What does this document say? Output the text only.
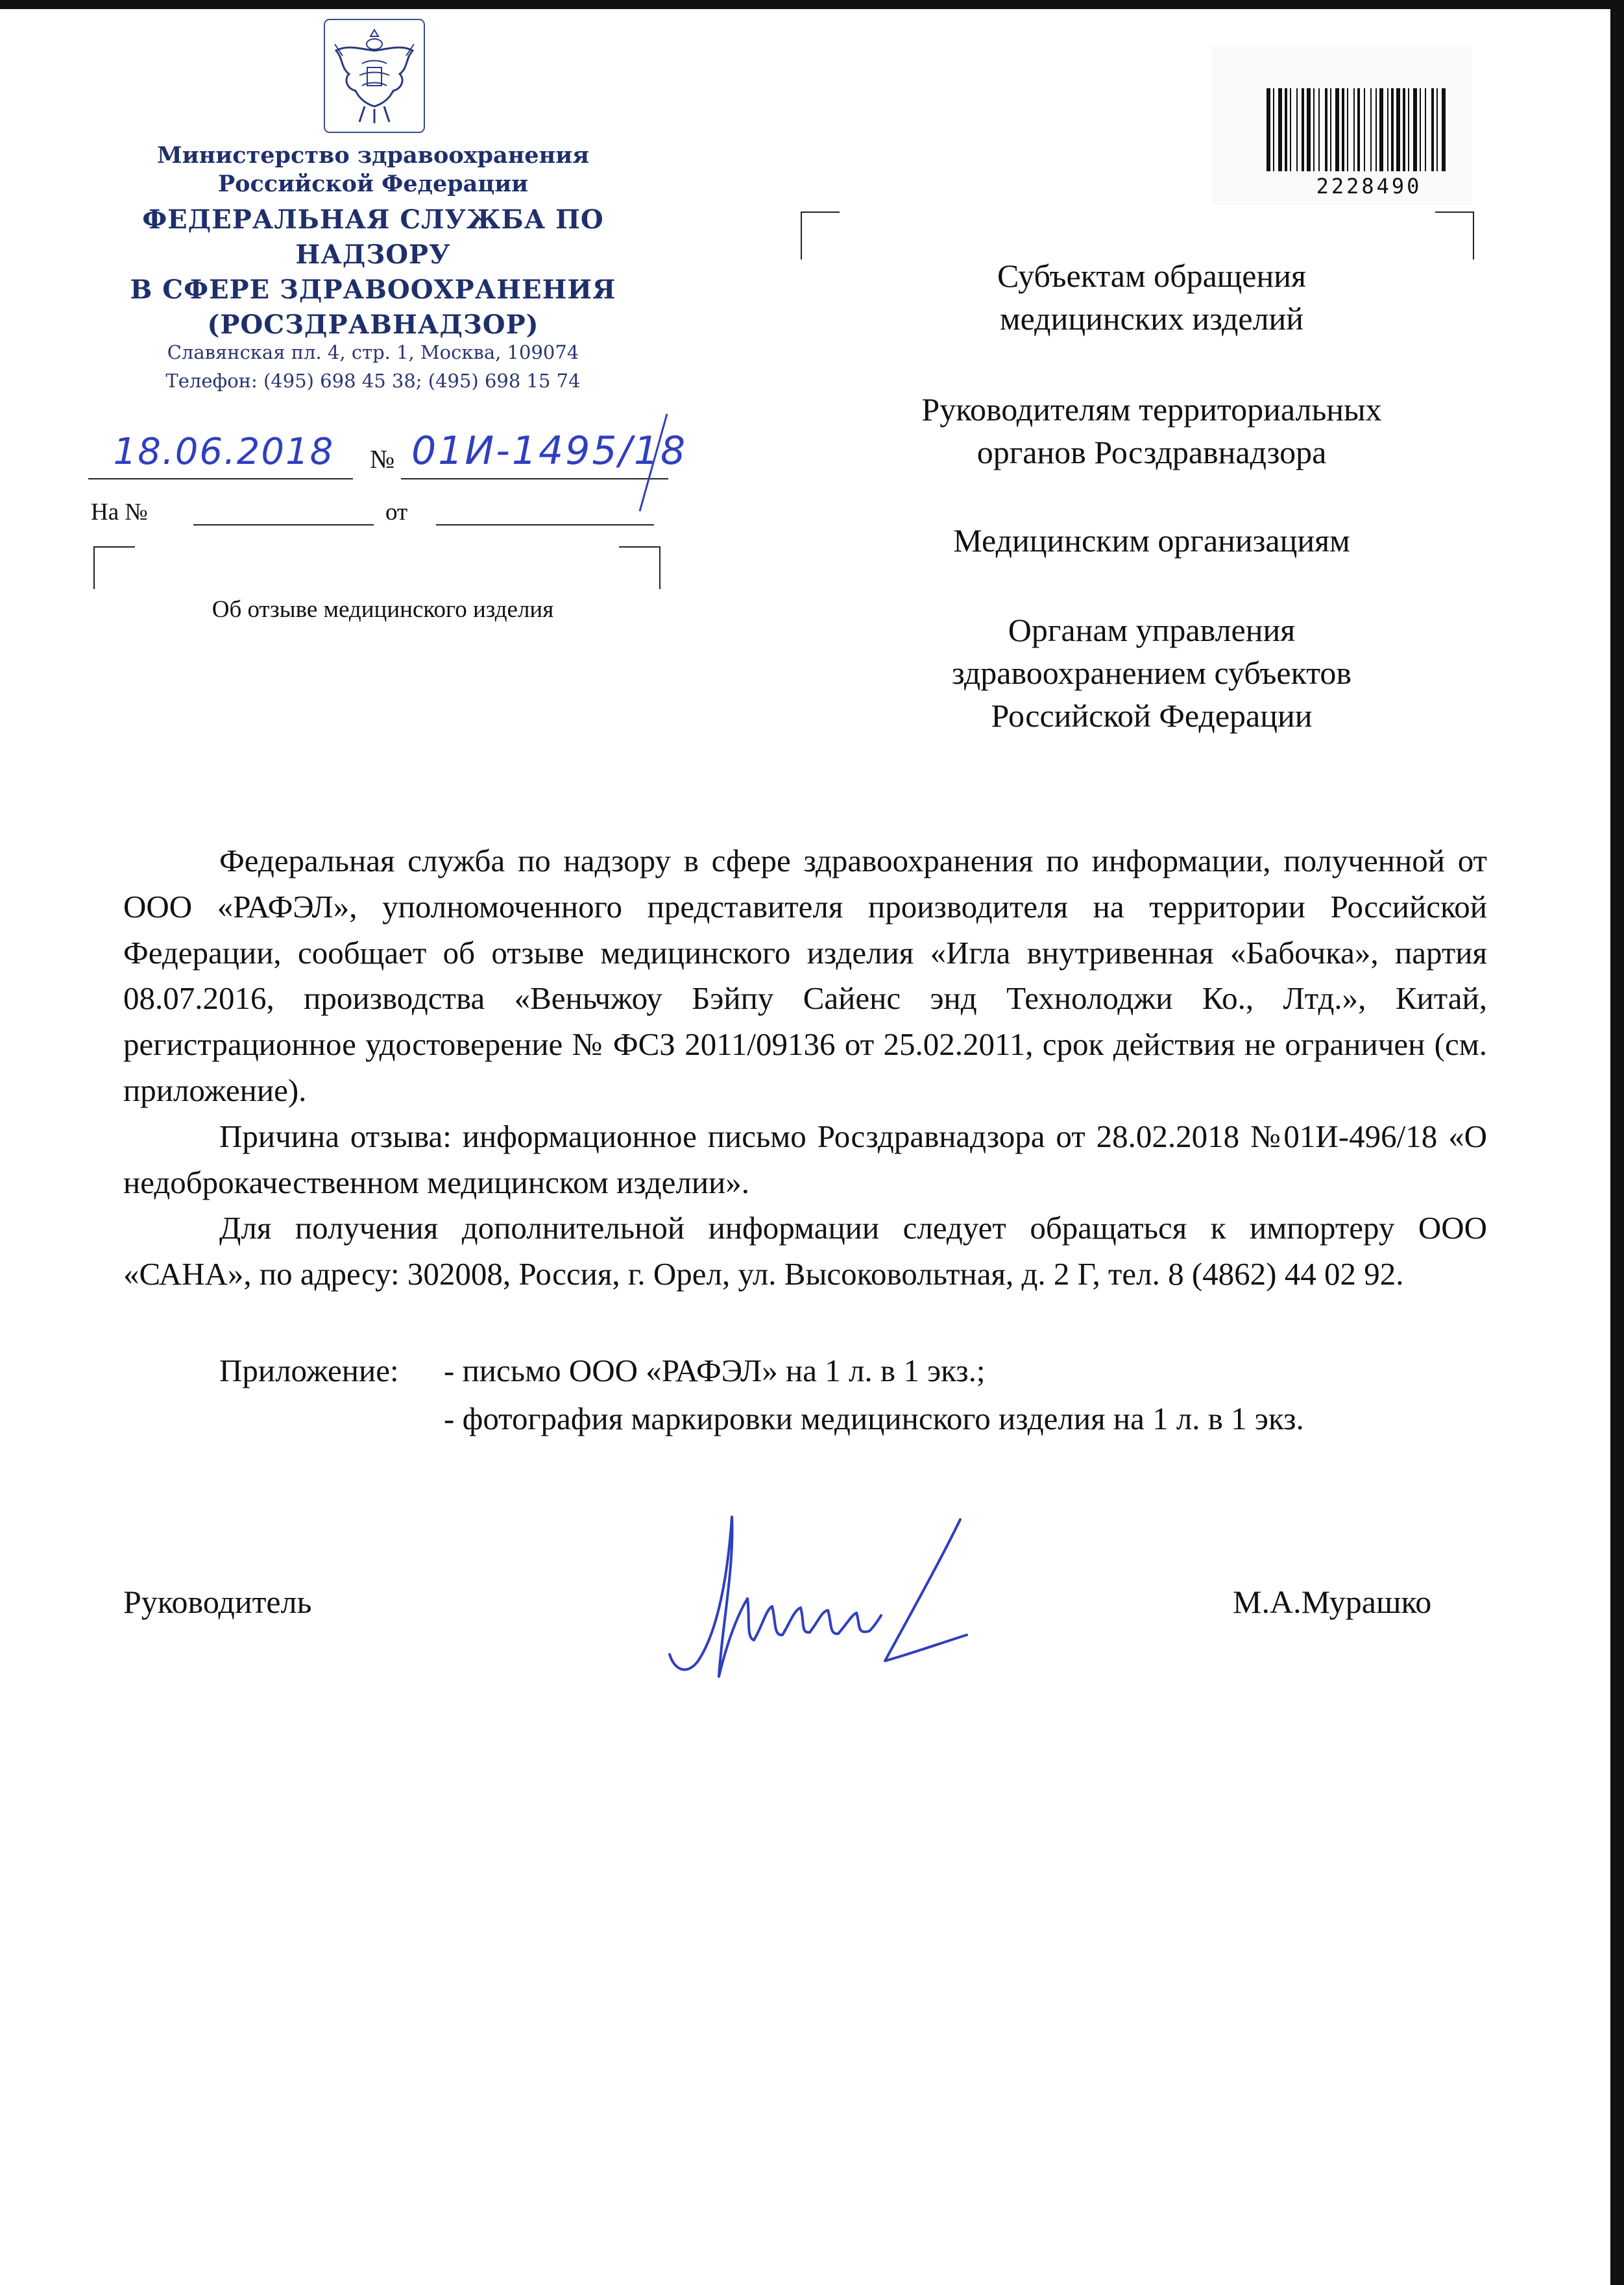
Министерство здравоохранения
Российской Федерации
ФЕДЕРАЛЬНАЯ СЛУЖБА ПО НАДЗОРУ
В СФЕРЕ ЗДРАВООХРАНЕНИЯ
(РОСЗДРАВНАДЗОР)
Славянская пл. 4, стр. 1, Москва, 109074
Телефон: (495) 698 45 38; (495) 698 15 74
18.06.2018	№ 01И-1495/18
На №	от
Об отзыве медицинского изделия
2228490
Субъектам обращения
медицинских изделий
Руководителям территориальных
органов Росздравнадзора
Медицинским организациям
Органам управления
здравоохранением субъектов
Российской Федерации

Федеральная служба по надзору в сфере здравоохранения по информации, полученной от ООО «РАФЭЛ», уполномоченного представителя производителя на территории Российской Федерации, сообщает об отзыве медицинского изделия «Игла внутривенная «Бабочка», партия 08.07.2016, производства «Веньчжоу Бэйпу Сайенс энд Технолоджи Ко., Лтд.», Китай, регистрационное удостоверение № ФСЗ 2011/09136 от 25.02.2011, срок действия не ограничен (см. приложение).

Причина отзыва: информационное письмо Росздравнадзора от 28.02.2018 №01И-496/18 «О недоброкачественном медицинском изделии».

Для получения дополнительной информации следует обращаться к импортеру ООО «САНА», по адресу: 302008, Россия, г. Орел, ул. Высоковольтная, д. 2 Г, тел. 8 (4862) 44 02 92.

Приложение: - письмо ООО «РАФЭЛ» на 1 л. в 1 экз.;
- фотография маркировки медицинского изделия на 1 л. в 1 экз.
Руководитель	М.А.Мурашко
